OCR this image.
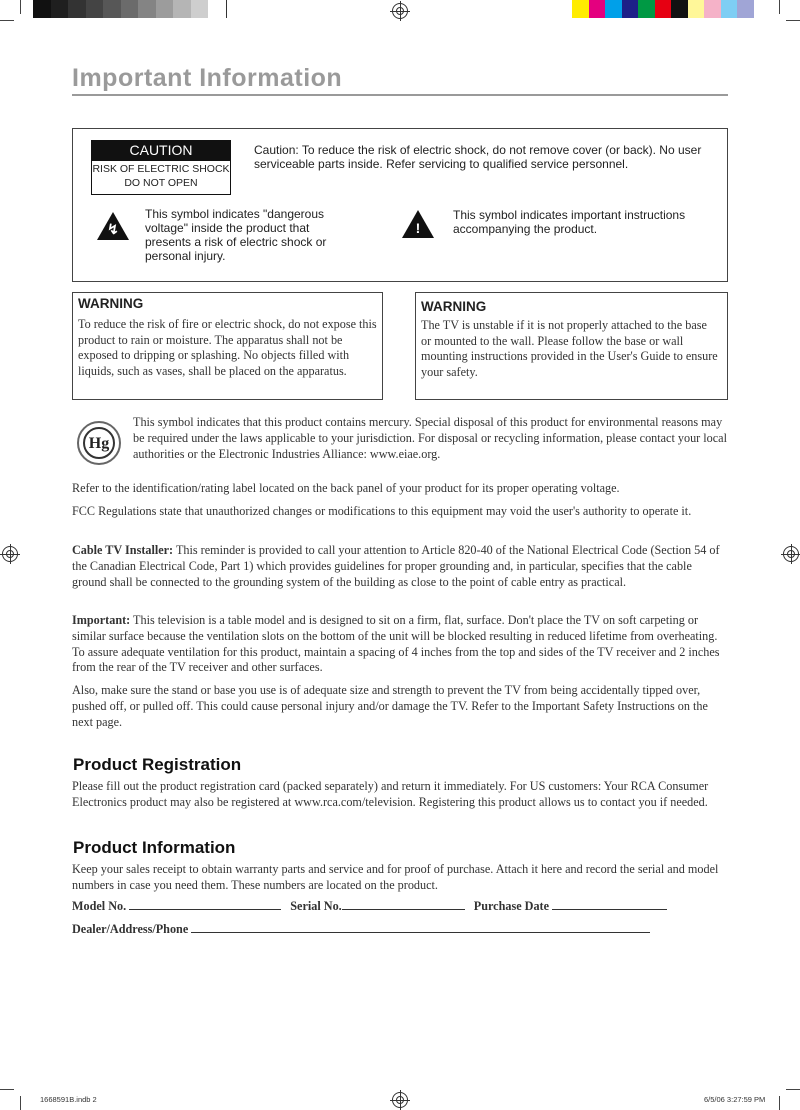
Important Information
CAUTION
RISK OF ELECTRIC SHOCK
DO NOT OPEN
Caution: To reduce the risk of electric shock, do not remove cover (or back). No user serviceable parts inside. Refer servicing to qualified service personnel.
↯
This symbol indicates "dangerous voltage" inside the product that presents a risk of electric shock or personal injury.
!
This symbol indicates important instructions accompanying the product.
WARNING
To reduce the risk of fire or electric shock, do not expose this product to rain or moisture. The apparatus shall not be exposed to dripping or splashing. No objects filled with liquids, such as vases, shall be placed on the apparatus.
WARNING
The TV is unstable if it is not properly attached to the base or mounted to the wall. Please follow the base or wall mounting instructions provided in the User's Guide to ensure your safety.
Hg
This symbol indicates that this product contains mercury. Special disposal of this product for environmental reasons may be required under the laws applicable to your jurisdiction. For disposal or recycling information, please contact your local authorities or the Electronic Industries Alliance: www.eiae.org.
Refer to the identification/rating label located on the back panel of your product for its proper operating voltage.
FCC Regulations state that unauthorized changes or modifications to this equipment may void the user's authority to operate it.
Cable TV Installer: This reminder is provided to call your attention to Article 820-40 of the National Electrical Code (Section 54 of the Canadian Electrical Code, Part 1) which provides guidelines for proper grounding and, in particular, specifies that the cable ground shall be connected to the grounding system of the building as close to the point of cable entry as practical.
Important: This television is a table model and is designed to sit on a firm, flat, surface. Don't place the TV on soft carpeting or similar surface because the ventilation slots on the bottom of the unit will be blocked resulting in reduced lifetime from overheating. To assure adequate ventilation for this product, maintain a spacing of 4 inches from the top and sides of the TV receiver and 2 inches from the rear of the TV receiver and other surfaces.
Also, make sure the stand or base you use is of adequate size and strength to prevent the TV from being accidentally tipped over, pushed off, or pulled off. This could cause personal injury and/or damage the TV. Refer to the Important Safety Instructions on the next page.
Product Registration
Please fill out the product registration card (packed separately) and return it immediately. For US customers: Your RCA Consumer Electronics product may also be registered at www.rca.com/television. Registering this product allows us to contact you if needed.
Product Information
Keep your sales receipt to obtain warranty parts and service and for proof of purchase. Attach it here and record the serial and model numbers in case you need them. These numbers are located on the product.
Model No.	Serial No.	Purchase Date
Dealer/Address/Phone
1668591B.indb 2	6/5/06 3:27:59 PM
